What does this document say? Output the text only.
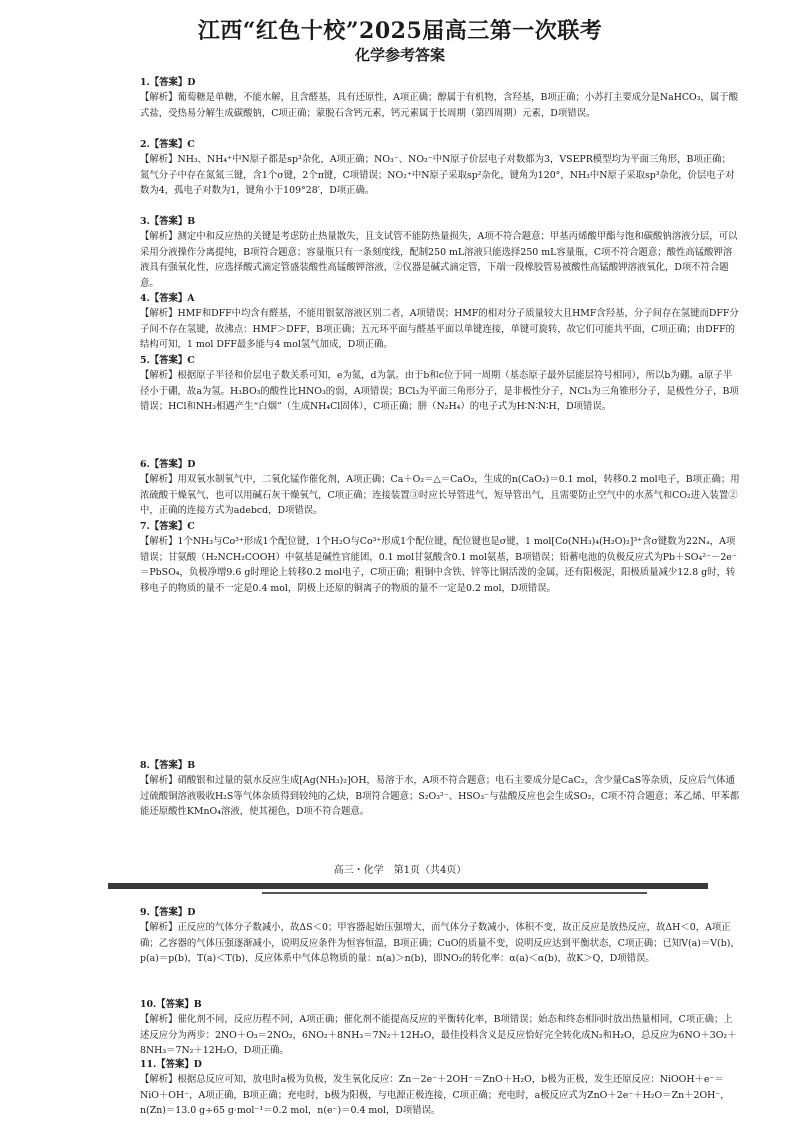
江西“红色十校”2025届高三第一次联考
化学参考答案
1.【答案】D
【解析】葡萄糖是单糖，不能水解，且含醛基，具有还原性，A项正确；醇属于有机物，含羟基，B项正确；小苏打主要成分是NaHCO₃，属于酸式盐，受热易分解生成碳酸钠，C项正确；蒙脱石含钙元素，钙元素属于长周期（第四周期）元素，D项错误。
2.【答案】C
【解析】NH₃、NH₄⁺中N原子都是sp³杂化，A项正确；NO₃⁻、NO₂⁻中N原子价层电子对数都为3，VSEPR模型均为平面三角形，B项正确；氮气分子中存在氮氮三键，含1个σ键，2个π键，C项错误；NO₂⁺中N原子采取sp²杂化，键角为120°，NH₃中N原子采取sp³杂化，价层电子对数为4，孤电子对数为1，键角小于109°28′，D项正确。
3.【答案】B
【解析】测定中和反应热的关键是考虑防止热量散失，且支试管不能防热量损失，A项不符合题意；甲基丙烯酸甲酯与饱和碳酸钠溶液分层，可以采用分液操作分离提纯，B项符合题意；容量瓶只有一条刻度线，配制250 mL溶液只能选择250 mL容量瓶，C项不符合题意；酸性高锰酸钾溶液具有强氧化性，应选择酸式滴定管盛装酸性高锰酸钾溶液，②仪器是碱式滴定管，下端一段橡胶管易被酸性高锰酸钾溶液氧化，D项不符合题意。
4.【答案】A
【解析】HMF和DFF中均含有醛基，不能用银氨溶液区别二者，A项错误；HMF的相对分子质量较大且HMF含羟基，分子间存在氢键而DFF分子间不存在氢键，故沸点：HMF＞DFF，B项正确；五元环平面与醛基平面以单键连接，单键可旋转，故它们可能共平面，C项正确；由DFF的结构可知，1 mol DFF最多能与4 mol氢气加成，D项正确。
5.【答案】C
【解析】根据原子半径和价层电子数关系可知，e为氮，d为氯。由于b和c位于同一周期（基态原子最外层能层符号相同），所以b为硼。a原子半径小于硼，故a为氢。H₃BO₃的酸性比HNO₃的弱，A项错误；BCl₃为平面三角形分子，是非极性分子，NCl₃为三角锥形分子，是极性分子，B项错误；HCl和NH₃相遇产生“白烟”（生成NH₄Cl固体），C项正确；肼（N₂H₄）的电子式为H∶N∶N∶H，D项错误。
6.【答案】D
【解析】用双氧水制氧气中，二氧化锰作催化剂，A项正确；Ca＋O₂＝△＝CaO₂，生成的n(CaO₂)＝0.1 mol，转移0.2 mol电子，B项正确；用浓硫酸干燥氧气，也可以用碱石灰干燥氧气，C项正确；连接装置③时应长导管进气，短导管出气，且需要防止空气中的水蒸气和CO₂进入装置②中，正确的连接方式为adebcd，D项错误。
7.【答案】C
【解析】1个NH₃与Co³⁺形成1个配位键，1个H₂O与Co³⁺形成1个配位键，配位键也是σ键，1 mol[Co(NH₃)₄(H₂O)₂]³⁺含σ键数为22Nₐ，A项错误；甘氨酸（H₂NCH₂COOH）中氨基是碱性官能团，0.1 mol甘氨酸含0.1 mol氨基，B项错误；铅蓄电池的负极反应式为Pb＋SO₄²⁻－2e⁻＝PbSO₄，负极净增9.6 g时理论上转移0.2 mol电子，C项正确；粗铜中含铁、锌等比铜活泼的金属，还有阳极泥，阳极质量减少12.8 g时，转移电子的物质的量不一定是0.4 mol，阴极上还原的铜离子的物质的量不一定是0.2 mol，D项错误。
8.【答案】B
【解析】硝酸银和过量的氨水反应生成[Ag(NH₃)₂]OH，易溶于水，A项不符合题意；电石主要成分是CaC₂，含少量CaS等杂质，反应后气体通过硫酸铜溶液吸收H₂S等气体杂质得到较纯的乙炔，B项符合题意；S₂O₃²⁻、HSO₃⁻与盐酸反应也会生成SO₂，C项不符合题意；苯乙烯、甲苯都能还原酸性KMnO₄溶液，使其褪色，D项不符合题意。
高三・化学　第1页（共4页）
9.【答案】D
【解析】正反应的气体分子数减小，故ΔS＜0；甲容器起始压强增大，而气体分子数减小，体积不变，故正反应是放热反应，故ΔH＜0，A项正确；乙容器的气体压强逐渐减小，说明反应条件为恒容恒温，B项正确；CuO的质量不变，说明反应达到平衡状态，C项正确；已知V(a)＝V(b)，p(a)＝p(b)，T(a)＜T(b)，反应体系中气体总物质的量：n(a)＞n(b)，即NO₂的转化率：α(a)＜α(b)，故K＞Q，D项错误。
10.【答案】B
【解析】催化剂不同，反应历程不同，A项正确；催化剂不能提高反应的平衡转化率，B项错误；始态和终态相同时放出热量相同，C项正确；上述反应分为两步：2NO＋O₃＝2NO₂，6NO₂＋8NH₃＝7N₂＋12H₂O，最佳投料含义是反应恰好完全转化成N₂和H₂O，总反应为6NO＋3O₂＋8NH₃＝7N₂＋12H₂O，D项正确。
11.【答案】D
【解析】根据总反应可知，放电时a极为负极，发生氧化反应：Zn－2e⁻＋2OH⁻＝ZnO＋H₂O，b极为正极，发生还原反应：NiOOH＋e⁻＝NiO＋OH⁻，A项正确，B项正确；充电时，b极为阳极，与电源正极连接，C项正确；充电时，a极反应式为ZnO＋2e⁻＋H₂O＝Zn＋2OH⁻，n(Zn)＝13.0 g÷65 g·mol⁻¹＝0.2 mol，n(e⁻)＝0.4 mol，D项错误。
